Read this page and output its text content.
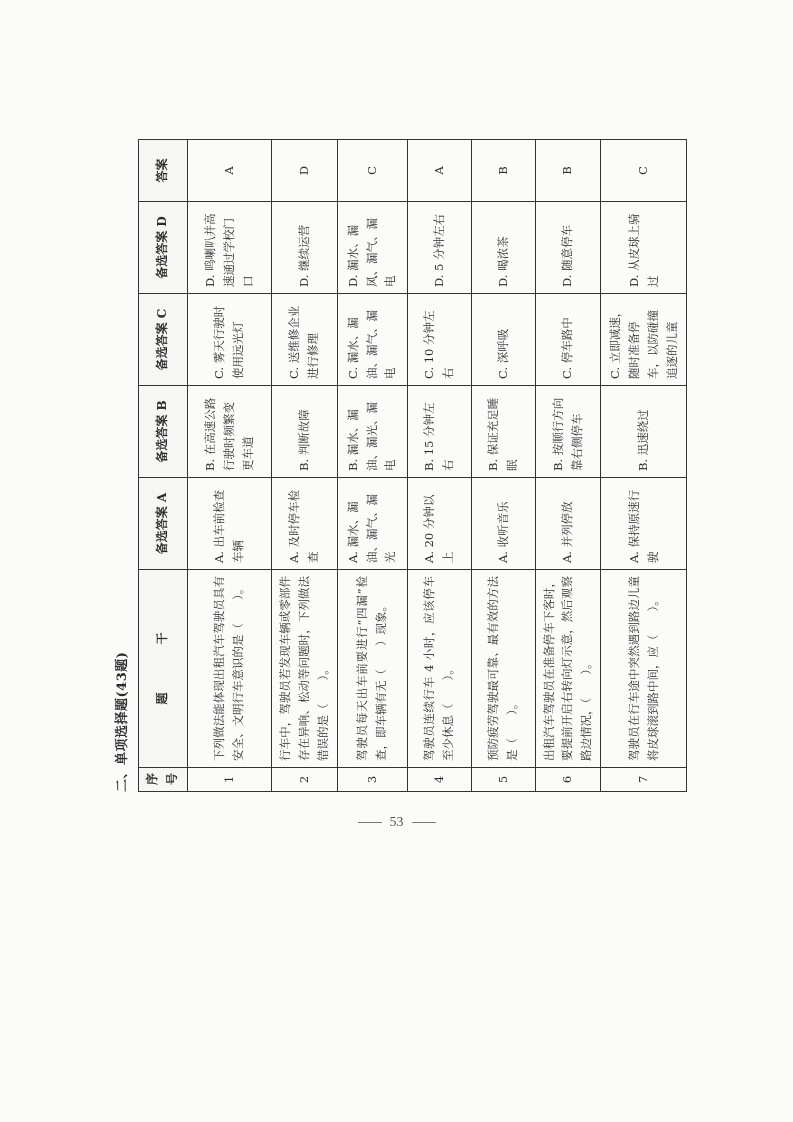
二、单项选择题(43题)	序号	题　　　　干	备选答案 A	备选答案 B	备选答案 C	备选答案 D	答案
1	下列做法能体现出租汽车驾驶员具有安全、文明行车意识的是（　　）。	A. 出车前检查车辆	B. 在高速公路行驶时频繁变更车道	C. 雾天行驶时使用远光灯	D. 鸣喇叭并高速通过学校门口	A
2	行车中，驾驶员若发现车辆或零部件存在异响、松动等问题时，下列做法错误的是（　　）。	A. 及时停车检查	B. 判断故障	C. 送维修企业进行修理	D. 继续运营	D
3	驾驶员每天出车前要进行“四漏”检查，即车辆有无（　　）现象。	A. 漏水、漏油、漏气、漏光	B. 漏水、漏油、漏光、漏电	C. 漏水、漏油、漏气、漏电	D. 漏水、漏风、漏气、漏电	C
4	驾驶员连续行车 4 小时，应该停车至少休息（　　）。	A. 20 分钟以上	B. 15 分钟左右	C. 10 分钟左右	D. 5 分钟左右	A
5	预防疲劳驾驶最可靠、最有效的方法是（　　）。	A. 收听音乐	B. 保证充足睡眠	C. 深呼吸	D. 喝浓茶	B
6	出租汽车驾驶员在准备停车下客时，要提前开启右转向灯示意，然后观察路边情况，（　　）。	A. 并列停放	B. 按顺行方向靠右侧停车	C. 停车路中	D. 随意停车	B
7	驾驶员在行车途中突然遇到路边儿童将皮球滚到路中间，应（　　）。	A. 保持原速行驶	B. 迅速绕过	C. 立即减速，随时准备停车，以防碰撞追逐的儿童	D. 从皮球上骑过	C
53
